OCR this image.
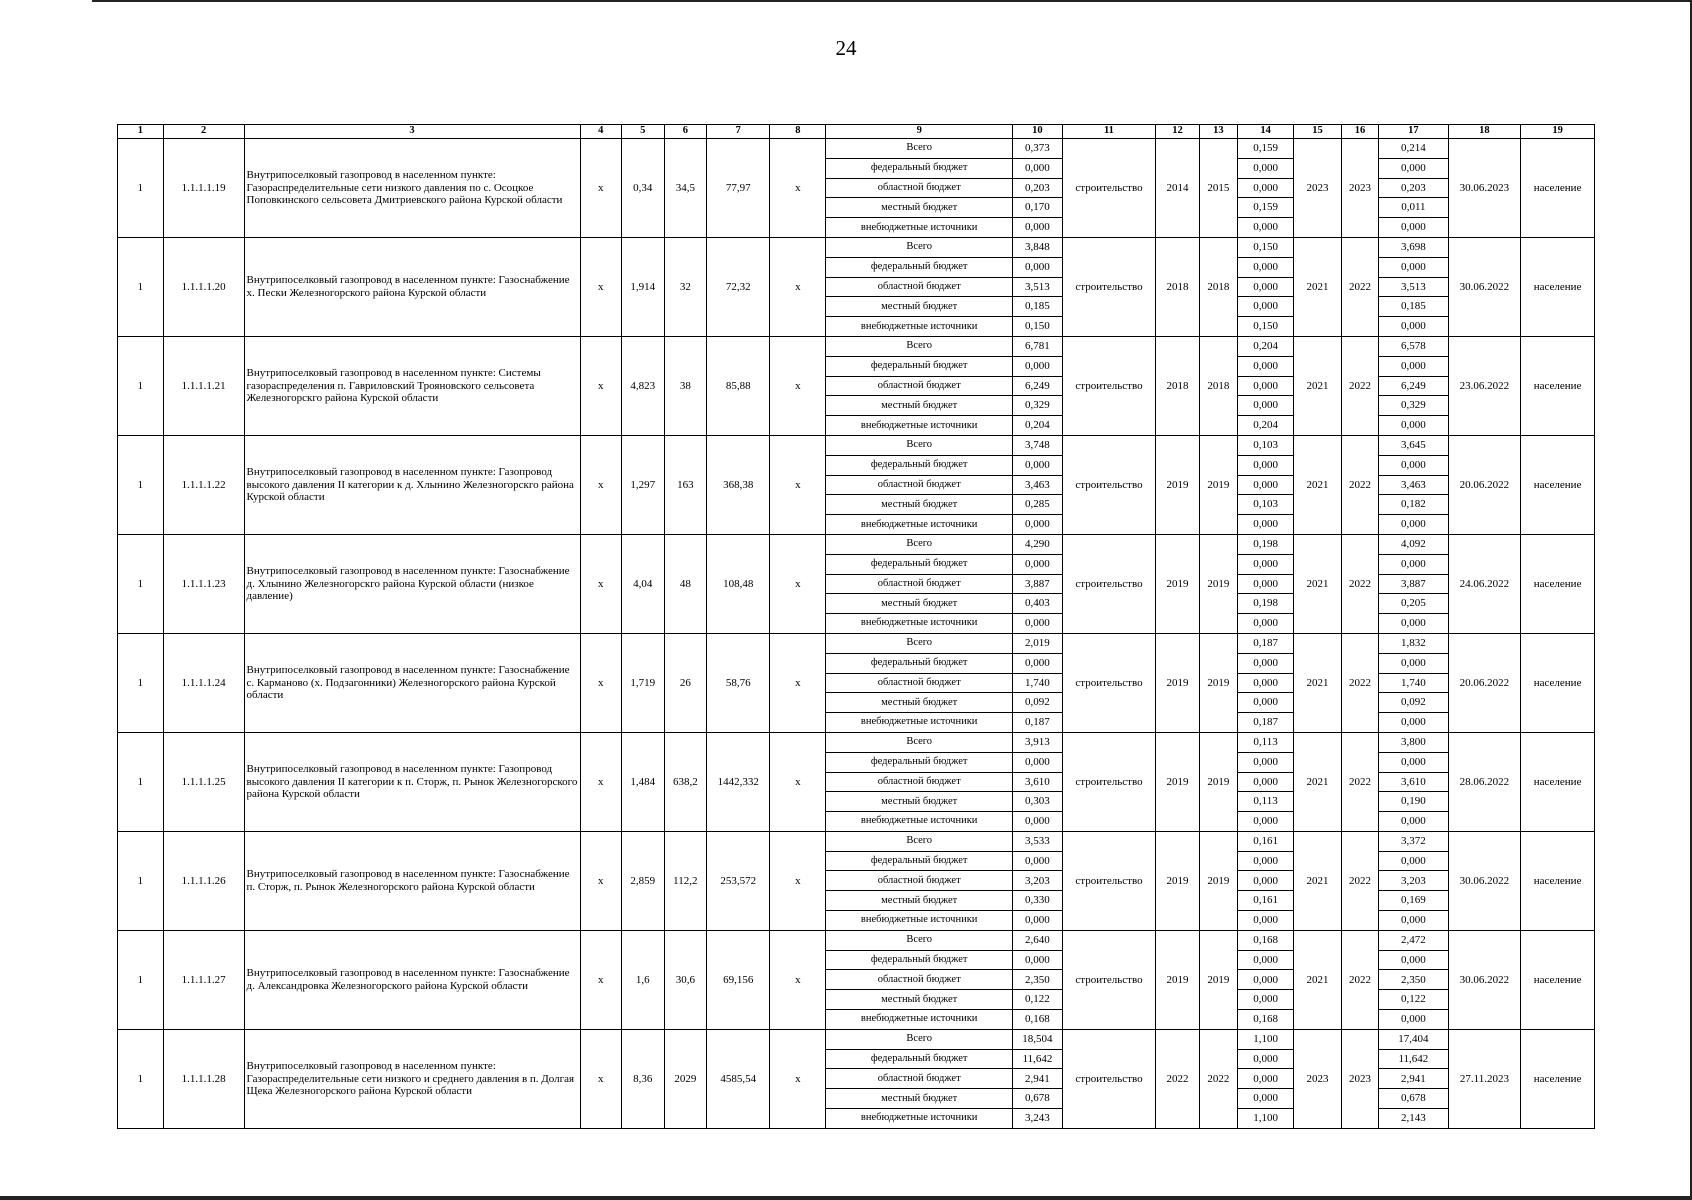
24
1	2	3	4	5	6	7	8	9	10	11	12	13	14	15	16	17	18	19
1	1.1.1.1.19	Внутрипоселковый газопровод в населенном пункте: Газораспределительные сети низкого давления по с. Осоцкое Поповкинского сельсовета Дмитриевского района Курской области	х	0,34	34,5	77,97	х	Всего	0,373	строительство	2014	2015	0,159	2023	2023	0,214	30.06.2023	население
								федеральный бюджет	0,000				0,000			0,000		
								областной бюджет	0,203				0,000			0,203		
								местный бюджет	0,170				0,159			0,011		
								внебюджетные источники	0,000				0,000			0,000		
1	1.1.1.1.20	Внутрипоселковый газопровод в населенном пункте: Газоснабжение х. Пески Железногорского района Курской области	х	1,914	32	72,32	х	Всего	3,848	строительство	2018	2018	0,150	2021	2022	3,698	30.06.2022	население
								федеральный бюджет	0,000				0,000			0,000		
								областной бюджет	3,513				0,000			3,513		
								местный бюджет	0,185				0,000			0,185		
								внебюджетные источники	0,150				0,150			0,000		
1	1.1.1.1.21	Внутрипоселковый газопровод в населенном пункте: Системы газораспределения п. Гавриловский Трояновского сельсовета Железногорскго района Курской области	х	4,823	38	85,88	х	Всего	6,781	строительство	2018	2018	0,204	2021	2022	6,578	23.06.2022	население
								федеральный бюджет	0,000				0,000			0,000		
								областной бюджет	6,249				0,000			6,249		
								местный бюджет	0,329				0,000			0,329		
								внебюджетные источники	0,204				0,204			0,000		
1	1.1.1.1.22	Внутрипоселковый газопровод в населенном пункте: Газопровод высокого давления II категории к д. Хлынино Железногорскго района Курской области	х	1,297	163	368,38	х	Всего	3,748	строительство	2019	2019	0,103	2021	2022	3,645	20.06.2022	население
								федеральный бюджет	0,000				0,000			0,000		
								областной бюджет	3,463				0,000			3,463		
								местный бюджет	0,285				0,103			0,182		
								внебюджетные источники	0,000				0,000			0,000		
1	1.1.1.1.23	Внутрипоселковый газопровод в населенном пункте: Газоснабжение д. Хлынино Железногорскго района Курской области (низкое давление)	х	4,04	48	108,48	х	Всего	4,290	строительство	2019	2019	0,198	2021	2022	4,092	24.06.2022	население
								федеральный бюджет	0,000				0,000			0,000		
								областной бюджет	3,887				0,000			3,887		
								местный бюджет	0,403				0,198			0,205		
								внебюджетные источники	0,000				0,000			0,000		
1	1.1.1.1.24	Внутрипоселковый газопровод в населенном пункте: Газоснабжение с. Карманово (х. Подзагонники) Железногорского района Курской области	х	1,719	26	58,76	х	Всего	2,019	строительство	2019	2019	0,187	2021	2022	1,832	20.06.2022	население
								федеральный бюджет	0,000				0,000			0,000		
								областной бюджет	1,740				0,000			1,740		
								местный бюджет	0,092				0,000			0,092		
								внебюджетные источники	0,187				0,187			0,000		
1	1.1.1.1.25	Внутрипоселковый газопровод в населенном пункте: Газопровод высокого давления II категории к п. Сторж, п. Рынок Железногорского района Курской области	х	1,484	638,2	1442,332	х	Всего	3,913	строительство	2019	2019	0,113	2021	2022	3,800	28.06.2022	население
								федеральный бюджет	0,000				0,000			0,000		
								областной бюджет	3,610				0,000			3,610		
								местный бюджет	0,303				0,113			0,190		
								внебюджетные источники	0,000				0,000			0,000		
1	1.1.1.1.26	Внутрипоселковый газопровод в населенном пункте: Газоснабжение п. Сторж, п. Рынок Железногорского района Курской области	х	2,859	112,2	253,572	х	Всего	3,533	строительство	2019	2019	0,161	2021	2022	3,372	30.06.2022	население
								федеральный бюджет	0,000				0,000			0,000		
								областной бюджет	3,203				0,000			3,203		
								местный бюджет	0,330				0,161			0,169		
								внебюджетные источники	0,000				0,000			0,000		
1	1.1.1.1.27	Внутрипоселковый газопровод в населенном пункте: Газоснабжение д. Александровка Железногорского района Курской области	х	1,6	30,6	69,156	х	Всего	2,640	строительство	2019	2019	0,168	2021	2022	2,472	30.06.2022	население
								федеральный бюджет	0,000				0,000			0,000		
								областной бюджет	2,350				0,000			2,350		
								местный бюджет	0,122				0,000			0,122		
								внебюджетные источники	0,168				0,168			0,000		
1	1.1.1.1.28	Внутрипоселковый газопровод в населенном пункте: Газораспределительные сети низкого и среднего давления в п. Долгая Щека Железногорского района Курской области	х	8,36	2029	4585,54	х	Всего	18,504	строительство	2022	2022	1,100	2023	2023	17,404	27.11.2023	население
								федеральный бюджет	11,642				0,000			11,642		
								областной бюджет	2,941				0,000			2,941		
								местный бюджет	0,678				0,000			0,678		
								внебюджетные источники	3,243				1,100			2,143		
